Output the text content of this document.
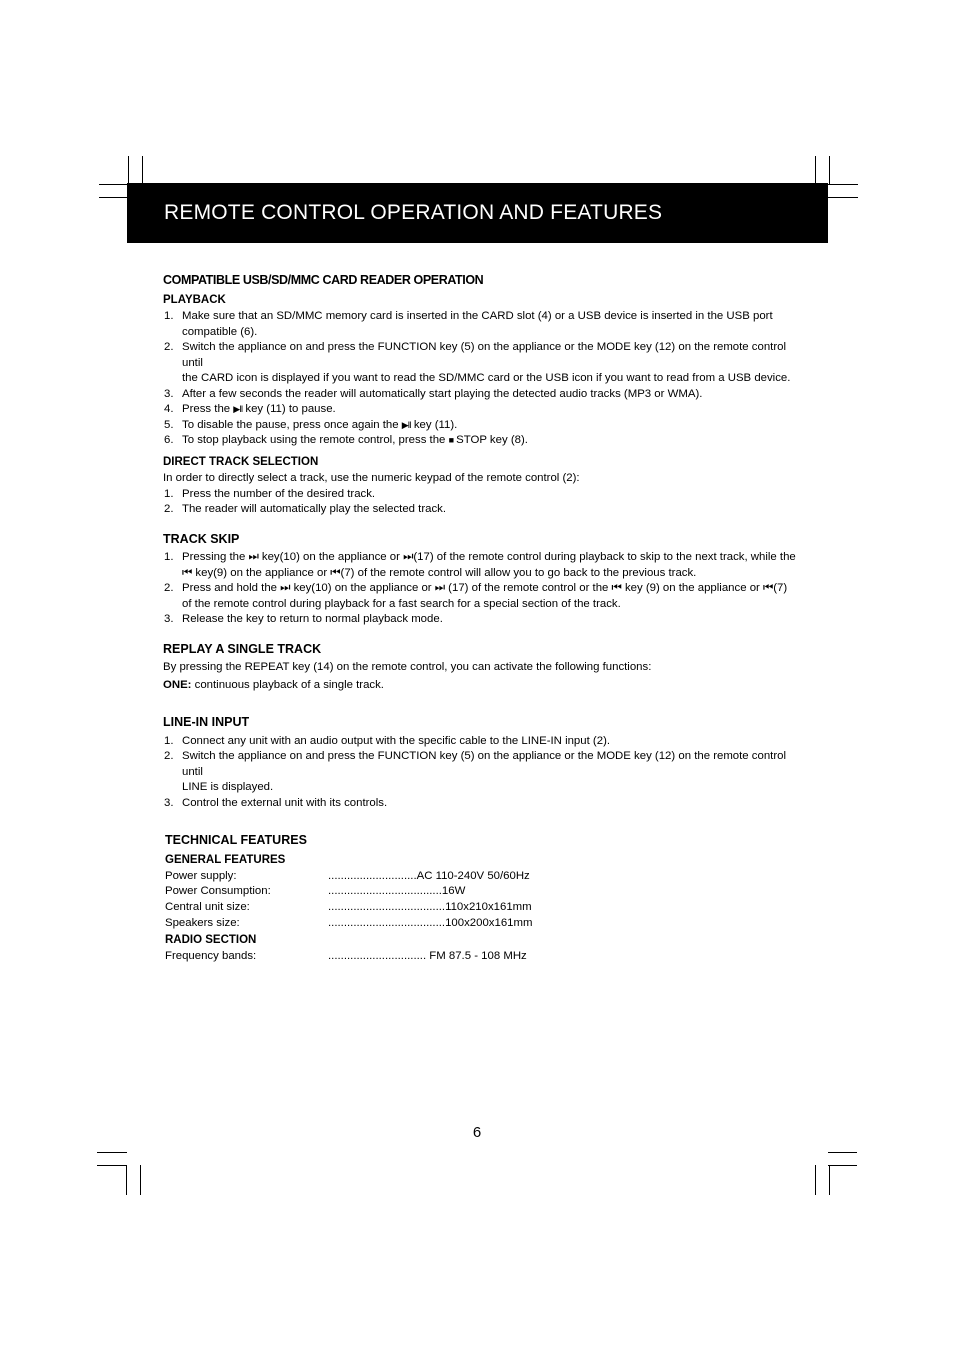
REMOTE CONTROL OPERATION AND FEATURES
COMPATIBLE USB/SD/MMC CARD READER OPERATION
PLAYBACK
1. Make sure that an SD/MMC memory card is inserted in the CARD slot (4) or a USB device is inserted in the USB port compatible (6).
2. Switch the appliance on and press the FUNCTION key (5) on the appliance or the MODE key (12) on the remote control until
the CARD icon is displayed if you want to read the SD/MMC card or the USB icon if you want to read from a USB device.
3. After a few seconds the reader will automatically start playing the detected audio tracks (MP3 or WMA).
4. Press the ▶II key (11) to pause.
5. To disable the pause, press once again the ▶II key (11).
6. To stop playback using the remote control, press the ■ STOP key (8).
DIRECT TRACK SELECTION

In order to directly select a track, use the numeric keypad of the remote control (2):

1. Press the number of the desired track.
2. The reader will automatically play the selected track.
TRACK SKIP
1. Pressing the ⏭ key(10) on the appliance or ⏭(17) of the remote control during playback to skip to the next track, while the
⏮ key(9) on the appliance or ⏮(7) of the remote control will allow you to go back to the previous track.
2. Press and hold the ⏭ key(10) on the appliance or ⏭ (17) of the remote control or the ⏮ key (9) on the appliance or ⏮(7)
of the remote control during playback for a fast search for a special section of the track.
3. Release the key to return to normal playback mode.
REPLAY A SINGLE TRACK

By pressing the REPEAT key (14) on the remote control, you can activate the following functions:

ONE: continuous playback of a single track.

LINE-IN INPUT
1. Connect any unit with an audio output with the specific cable to the LINE-IN input (2).
2. Switch the appliance on and press the FUNCTION key (5) on the appliance or the MODE key (12) on the remote control until
LINE is displayed.
3. Control the external unit with its controls.
TECHNICAL FEATURES
GENERAL FEATURES
Power supply:	............................AC 110-240V 50/60Hz
Power Consumption:	....................................16W
Central unit size:	.....................................110x210x161mm
Speakers size:	.....................................100x200x161mm
RADIO SECTION
Frequency bands:	............................... FM 87.5 - 108 MHz
6
